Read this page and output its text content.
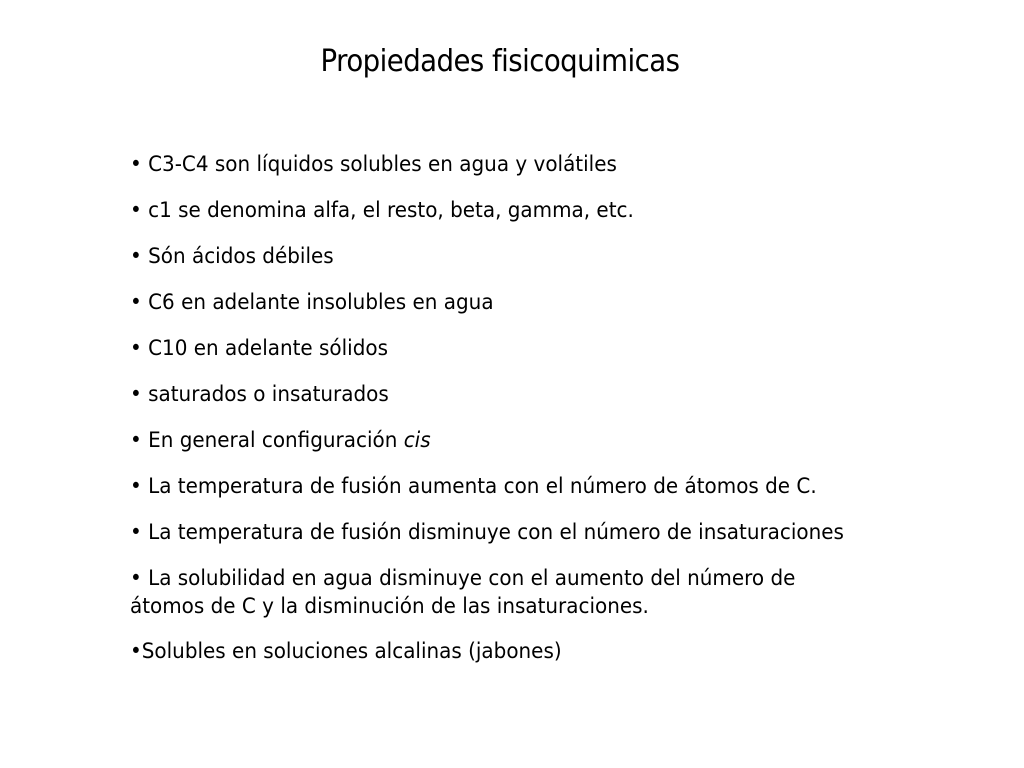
Propiedades fisicoquimicas
• C3-C4 son líquidos solubles en agua y volátiles
• c1 se denomina alfa, el resto, beta, gamma, etc.
• Són ácidos débiles
• C6 en adelante insolubles en agua
• C10 en adelante sólidos
• saturados o insaturados
• En general configuración cis
• La temperatura de fusión aumenta con el número de átomos de C.
• La temperatura de fusión disminuye con el número de insaturaciones
• La solubilidad en agua disminuye con el aumento del número de átomos de C y la disminución de las insaturaciones.
•Solubles en soluciones alcalinas (jabones)
